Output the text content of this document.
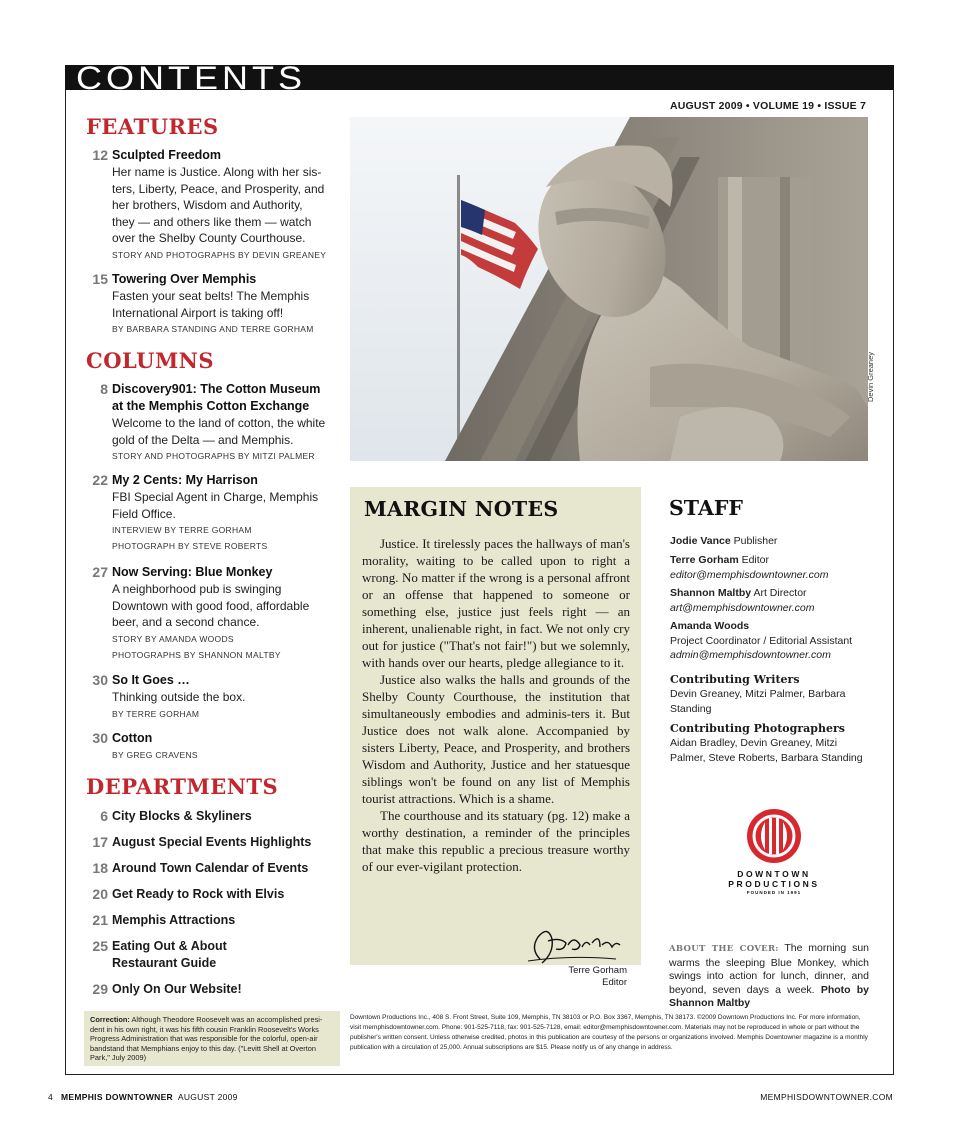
CONTENTS
AUGUST 2009 • VOLUME 19 • ISSUE 7
FEATURES
12 Sculpted Freedom
Her name is Justice. Along with her sis-
ters, Liberty, Peace, and Prosperity, and
her brothers, Wisdom and Authority,
they — and others like them — watch
over the Shelby County Courthouse.
STORY AND PHOTOGRAPHS BY DEVIN GREANEY
15 Towering Over Memphis
Fasten your seat belts! The Memphis
International Airport is taking off!
BY BARBARA STANDING AND TERRE GORHAM
COLUMNS
8 Discovery901: The Cotton Museum
at the Memphis Cotton Exchange
Welcome to the land of cotton, the white
gold of the Delta — and Memphis.
STORY AND PHOTOGRAPHS BY MITZI PALMER
22 My 2 Cents: My Harrison
FBI Special Agent in Charge, Memphis
Field Office.
INTERVIEW BY TERRE GORHAM
PHOTOGRAPH BY STEVE ROBERTS
27 Now Serving: Blue Monkey
A neighborhood pub is swinging
Downtown with good food, affordable
beer, and a second chance.
STORY BY AMANDA WOODS
PHOTOGRAPHS BY SHANNON MALTBY
30 So It Goes …
Thinking outside the box.
BY TERRE GORHAM
30 Cotton
BY GREG CRAVENS
DEPARTMENTS
6 City Blocks & Skyliners
17 August Special Events Highlights
18 Around Town Calendar of Events
20 Get Ready to Rock with Elvis
21 Memphis Attractions
25 Eating Out & About
Restaurant Guide
29 Only On Our Website!
Correction: Although Theodore Roosevelt was an accomplished presi-dent in his own right, it was his fifth cousin Franklin Roosevelt's Works Progress Administration that was responsible for the colorful, open-air bandstand that Memphians enjoy to this day. ("Levitt Shell at Overton Park," July 2009)
Devin Greaney
MARGIN NOTES

Justice. It tirelessly paces the hallways of man's morality, waiting to be called upon to right a wrong. No matter if the wrong is a personal affront or an offense that happened to someone or something else, justice just feels right — an inherent, unalienable right, in fact. We not only cry out for justice ("That's not fair!") but we solemnly, with hands over our hearts, pledge allegiance to it.

Justice also walks the halls and grounds of the Shelby County Courthouse, the institution that simultaneously embodies and adminis-ters it. But Justice does not walk alone. Accompanied by sisters Liberty, Peace, and Prosperity, and brothers Wisdom and Authority, Justice and her statuesque siblings won't be found on any list of Memphis tourist attractions. Which is a shame.

The courthouse and its statuary (pg. 12) make a worthy destination, a reminder of the principles that make this republic a precious treasure worthy of our ever-vigilant protection.

Terre Gorham
Editor
STAFF
Jodie Vance Publisher
Terre Gorham Editor
editor@memphisdowntowner.com
Shannon Maltby Art Director
art@memphisdowntowner.com
Amanda Woods
Project Coordinator / Editorial Assistant
admin@memphisdowntowner.com
Contributing Writers
Devin Greaney, Mitzi Palmer, Barbara Standing
Contributing Photographers
Aidan Bradley, Devin Greaney, Mitzi Palmer, Steve Roberts, Barbara Standing
DOWNTOWN
PRODUCTIONS
FOUNDED IN 1991
ABOUT THE COVER: The morning sun warms the sleeping Blue Monkey, which swings into action for lunch, dinner, and beyond, seven days a week. Photo by Shannon Maltby
Downtown Productions Inc., 408 S. Front Street, Suite 109, Memphis, TN 38103 or P.O. Box 3367, Memphis, TN 38173. ©2009 Downtown Productions Inc. For more information, visit memphisdowntowner.com. Phone: 901-525-7118, fax: 901-525-7128, email: editor@memphisdowntowner.com. Materials may not be reproduced in whole or part without the publisher's written consent. Unless otherwise credited, photos in this publication are courtesy of the persons or organizations involved. Memphis Downtowner magazine is a monthly publication with a circulation of 25,000. Annual subscriptions are $15. Please notify us of any change in address.
4 MEMPHIS DOWNTOWNER AUGUST 2009	MEMPHISDOWNTOWNER.COM
